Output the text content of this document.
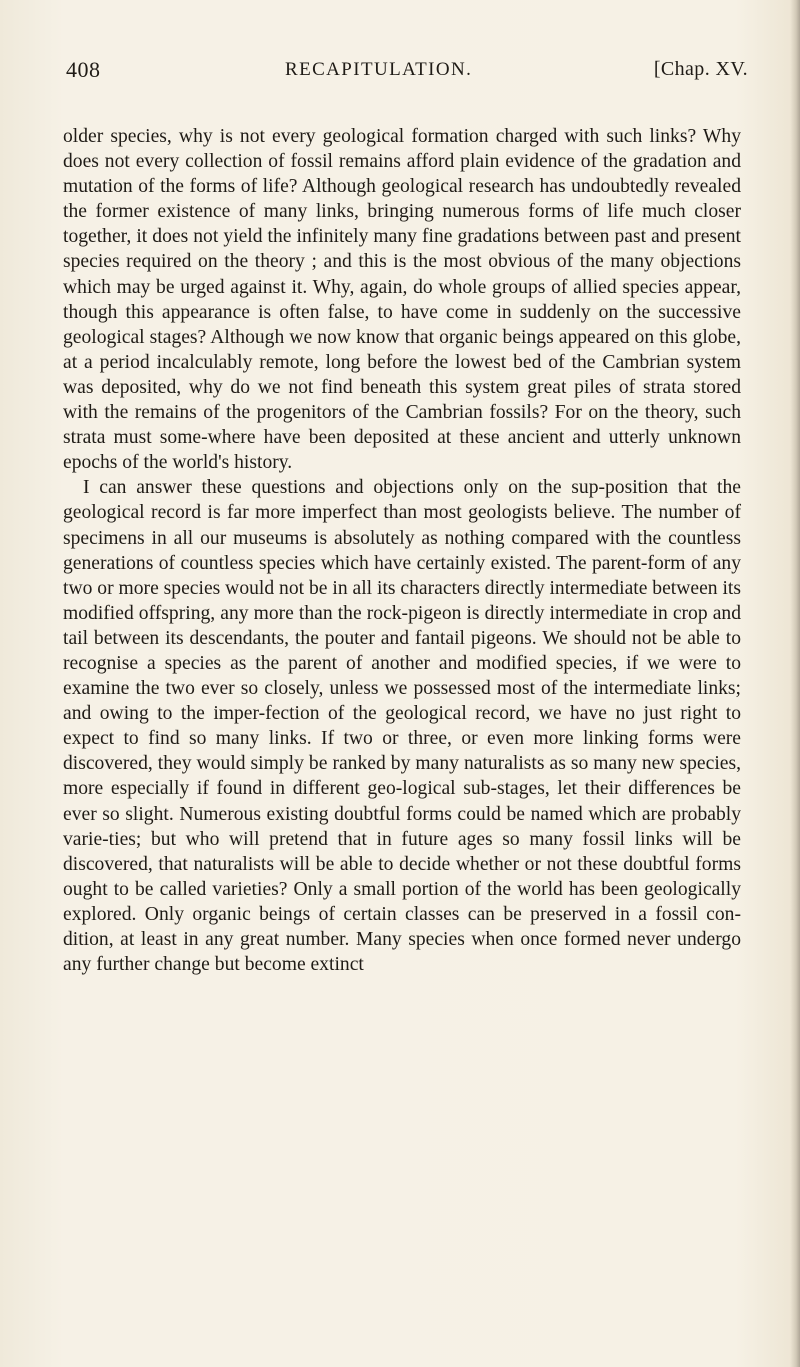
408	RECAPITULATION.	[Chap. XV.

older species, why is not every geological formation charged with such links? Why does not every collection of fossil remains afford plain evidence of the gradation and mutation of the forms of life? Although geological research has undoubtedly revealed the former existence of many links, bringing numerous forms of life much closer together, it does not yield the infinitely many fine gradations between past and present species required on the theory ; and this is the most obvious of the many objections which may be urged against it. Why, again, do whole groups of allied species appear, though this appearance is often false, to have come in suddenly on the successive geological stages? Although we now know that organic beings appeared on this globe, at a period incalculably remote, long before the lowest bed of the Cambrian system was deposited, why do we not find beneath this system great piles of strata stored with the remains of the progenitors of the Cambrian fossils? For on the theory, such strata must some-where have been deposited at these ancient and utterly unknown epochs of the world's history.

I can answer these questions and objections only on the sup-position that the geological record is far more imperfect than most geologists believe. The number of specimens in all our museums is absolutely as nothing compared with the countless generations of countless species which have certainly existed. The parent-form of any two or more species would not be in all its characters directly intermediate between its modified offspring, any more than the rock-pigeon is directly intermediate in crop and tail between its descendants, the pouter and fantail pigeons. We should not be able to recognise a species as the parent of another and modified species, if we were to examine the two ever so closely, unless we possessed most of the intermediate links; and owing to the imper-fection of the geological record, we have no just right to expect to find so many links. If two or three, or even more linking forms were discovered, they would simply be ranked by many naturalists as so many new species, more especially if found in different geo-logical sub-stages, let their differences be ever so slight. Numerous existing doubtful forms could be named which are probably varie-ties; but who will pretend that in future ages so many fossil links will be discovered, that naturalists will be able to decide whether or not these doubtful forms ought to be called varieties? Only a small portion of the world has been geologically explored. Only organic beings of certain classes can be preserved in a fossil con-dition, at least in any great number. Many species when once formed never undergo any further change but become extinct
